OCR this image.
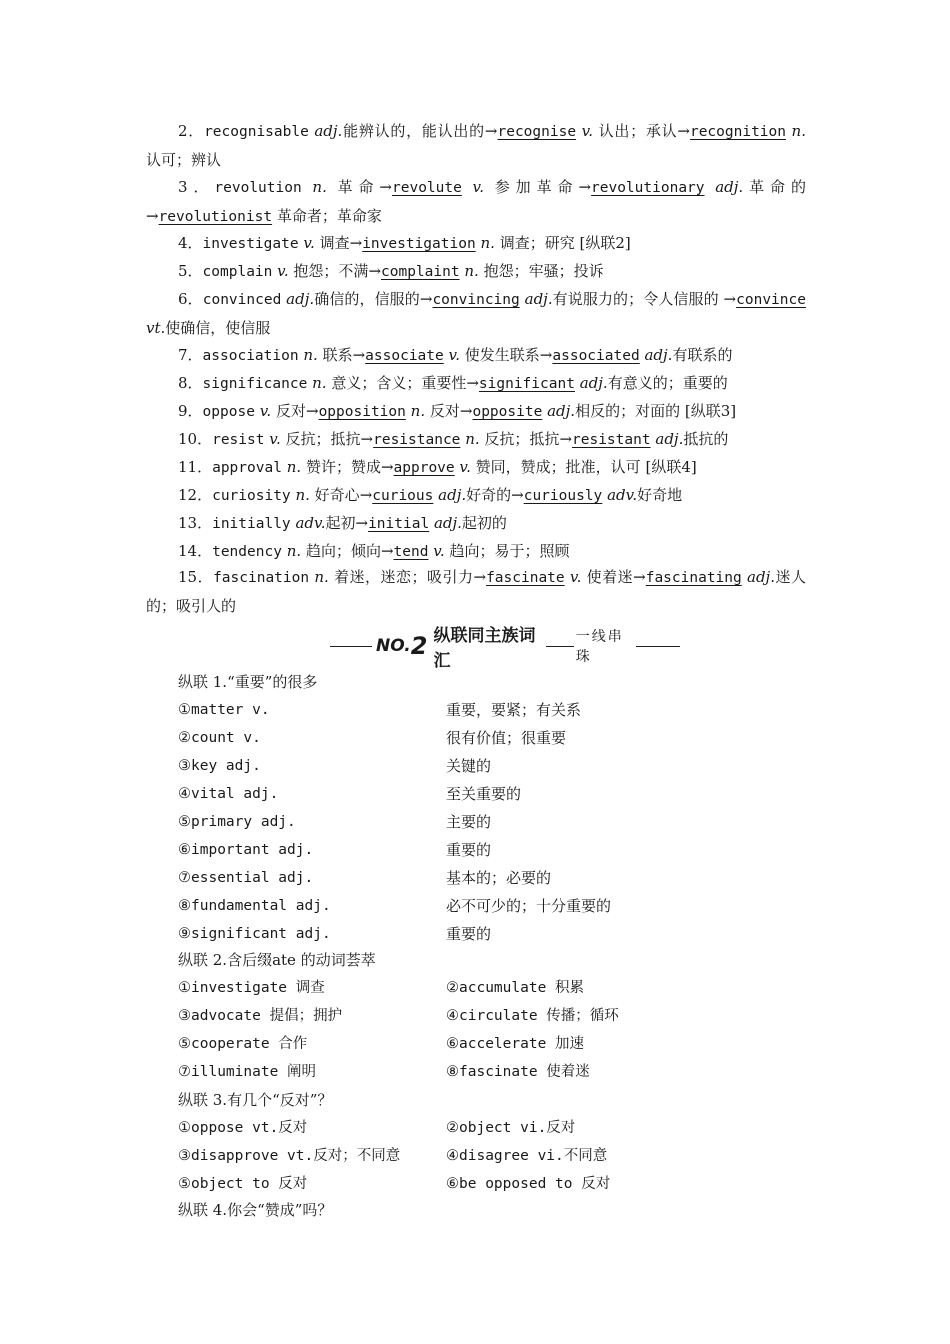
2．recognisable adj.能辨认的，能认出的→recognise v. 认出；承认→recognition n. 认可；辨认
3．revolution n. 革命→revolute v. 参加革命→revolutionary adj.革命的 →revolutionist 革命者；革命家
4．investigate v. 调查→investigation n. 调查；研究 [纵联2]
5．complain v. 抱怨；不满→complaint n. 抱怨；牢骚；投诉
6．convinced adj.确信的，信服的→convincing adj.有说服力的；令人信服的 →convince vt.使确信，使信服
7．association n. 联系→associate v. 使发生联系→associated adj.有联系的
8．significance n. 意义；含义；重要性→significant adj.有意义的；重要的
9．oppose v. 反对→opposition n. 反对→opposite adj.相反的；对面的 [纵联3]
10．resist v. 反抗；抵抗→resistance n. 反抗；抵抗→resistant adj.抵抗的
11．approval n. 赞许；赞成→approve v. 赞同，赞成；批准，认可 [纵联4]
12．curiosity n. 好奇心→curious adj.好奇的→curiously adv.好奇地
13．initially adv.起初→initial adj.起初的
14．tendency n. 趋向；倾向→tend v. 趋向；易于；照顾
15．fascination n. 着迷，迷恋；吸引力→fascinate v. 使着迷→fascinating adj.迷人的；吸引人的
NO. 2 纵联同主族词汇
一线串珠
纵联 1.“重要”的很多
①matter v.	重要，要紧；有关系
②count v.	很有价值；很重要
③key adj.	关键的
④vital adj.	至关重要的
⑤primary adj.	主要的
⑥important adj.	重要的
⑦essential adj.	基本的；必要的
⑧fundamental adj.	必不可少的；十分重要的
⑨significant adj.	重要的
纵联 2.含后缀ate 的动词荟萃
①investigate 调查	②accumulate 积累
③advocate 提倡；拥护	④circulate 传播；循环
⑤cooperate 合作	⑥accelerate 加速
⑦illuminate 阐明	⑧fascinate 使着迷
纵联 3.有几个“反对”？
①oppose vt.反对	②object vi.反对
③disapprove vt.反对；不同意	④disagree vi.不同意
⑤object to 反对	⑥be opposed to 反对
纵联 4.你会“赞成”吗？
